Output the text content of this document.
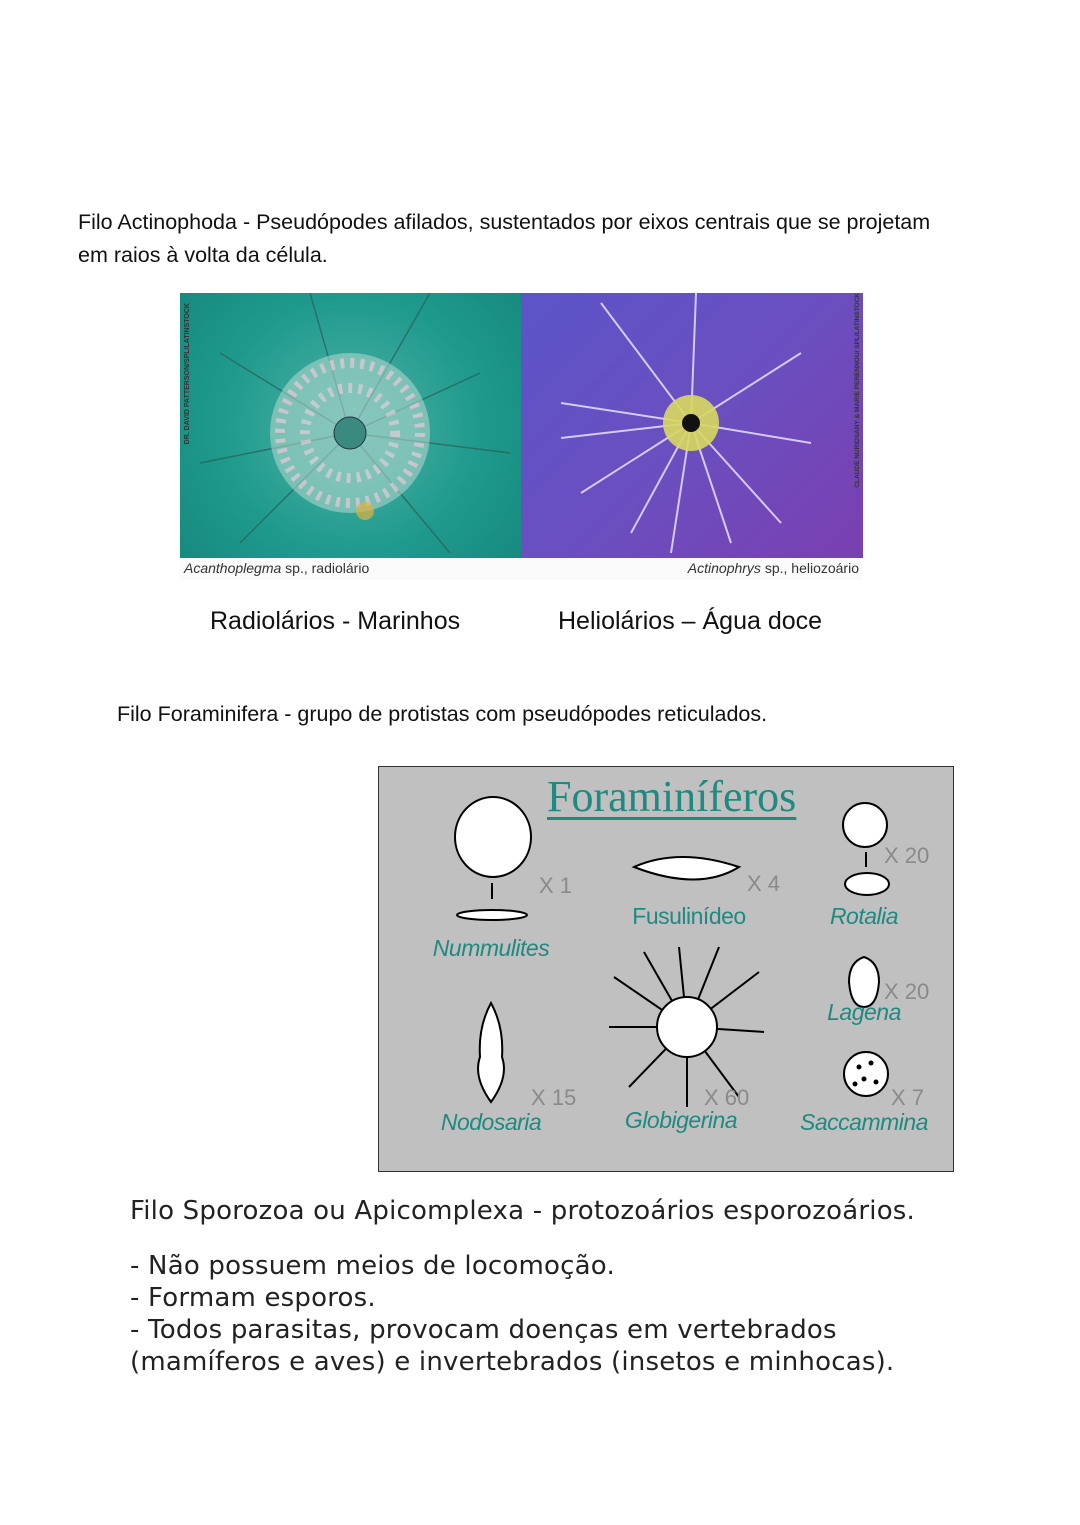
Filo Actinophoda - Pseudópodes afilados, sustentados por eixos centrais que se projetam
em raios à volta da célula.
DR. DAVID PATTERSON/SPL/LATINSTOCK	CLAUDE NURIDSANY & MARIE PERENNOU/ SPL/LATINSTOCK
Acanthoplegma sp., radiolário	Actinophrys sp., heliozoário
Radiolários - Marinhos	Heliolários – Água doce
Filo Foraminifera - grupo de protistas com pseudópodes reticulados.
Foraminíferos
X 1
Nummulites
X 4
Fusulinídeo
X 20
Rotalia
X 20
Lagena
X 15
Nodosaria
X 60
Globigerina
X 7
Saccammina
Filo Sporozoa ou Apicomplexa - protozoários esporozoários.
- Não possuem meios de locomoção.
- Formam esporos.
- Todos parasitas, provocam doenças em vertebrados
(mamíferos e aves) e invertebrados (insetos e minhocas).
